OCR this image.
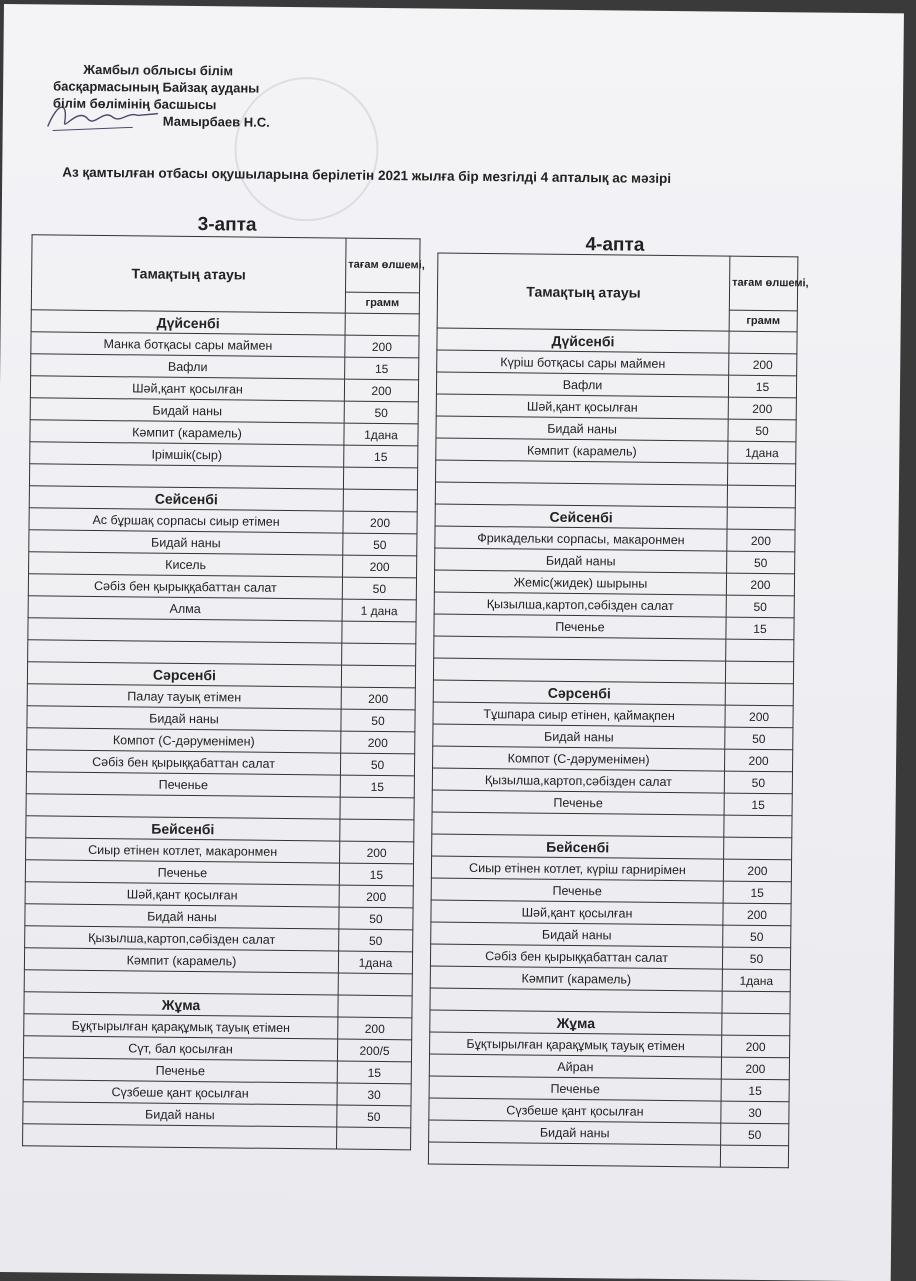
Жамбыл облысы білім
басқармасының Байзақ ауданы
білім бөлімінің басшысы
Мамырбаев Н.С.
Аз қамтылған отбасы оқушыларына берілетін 2021 жылға бір мезгілді 4 апталық ас мәзірі
3-апта
4-апта
Тамақтың атауы	тағам өлшемі,
	грамм
Дүйсенбі	
Манка ботқасы сары маймен	200
Вафли	15
Шәй,қант қосылған	200
Бидай наны	50
Кәмпит (карамель)	1дана
Ірімшік(сыр)	15

Сейсенбі	
Ас бұршақ сорпасы сиыр етімен	200
Бидай наны	50
Кисель	200
Сәбіз бен қырыққабаттан салат	50
Алма	1 дана

Сәрсенбі	
Палау тауық етімен	200
Бидай наны	50
Компот (С-дәруменімен)	200
Сәбіз бен қырыққабаттан салат	50
Печенье	15

Бейсенбі	
Сиыр етінен котлет, макаронмен	200
Печенье	15
Шәй,қант қосылған	200
Бидай наны	50
Қызылша,картоп,сәбізден салат	50
Кәмпит (карамель)	1дана

Жұма	
Бұқтырылған қарақұмық тауық етімен	200
Сүт, бал қосылған	200/5
Печенье	15
Сүзбеше қант қосылған	30
Бидай наны	50

Тамақтың атауы	тағам өлшемі,
	грамм
Дүйсенбі	
Күріш ботқасы сары маймен	200
Вафли	15
Шәй,қант қосылған	200
Бидай наны	50
Кәмпит (карамель)	1дана

Сейсенбі	
Фрикадельки сорпасы, макаронмен	200
Бидай наны	50
Жеміс(жидек) шырыны	200
Қызылша,картоп,сәбізден салат	50
Печенье	15

Сәрсенбі	
Тұшпара сиыр етінен, қаймақпен	200
Бидай наны	50
Компот (С-дәруменімен)	200
Қызылша,картоп,сәбізден салат	50
Печенье	15

Бейсенбі	
Сиыр етінен котлет, күріш гарнирімен	200
Печенье	15
Шәй,қант қосылған	200
Бидай наны	50
Сәбіз бен қырыққабаттан салат	50
Кәмпит (карамель)	1дана

Жұма	
Бұқтырылған қарақұмық тауық етімен	200
Айран	200
Печенье	15
Сүзбеше қант қосылған	30
Бидай наны	50
